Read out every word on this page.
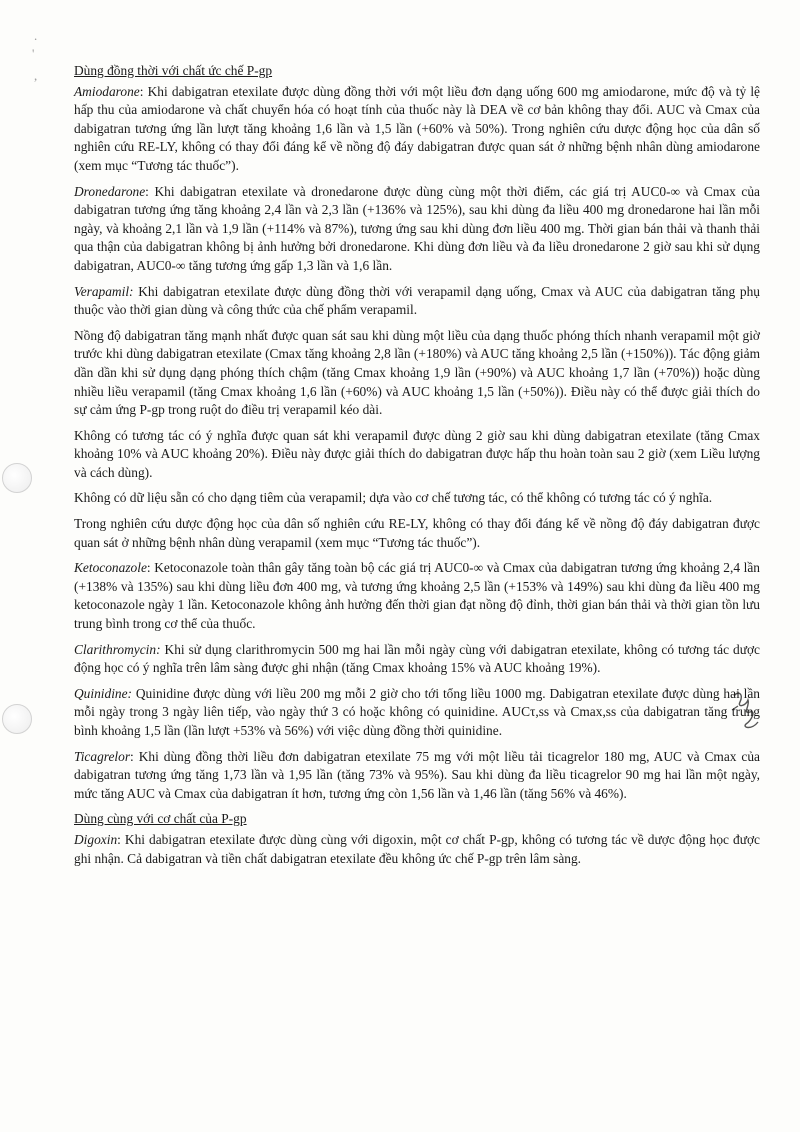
.
'
,	Dùng đồng thời với chất ức chế P-gp

Amiodarone: Khi dabigatran etexilate được dùng đồng thời với một liều đơn dạng uống 600 mg amiodarone, mức độ và tỷ lệ hấp thu của amiodarone và chất chuyển hóa có hoạt tính của thuốc này là DEA về cơ bản không thay đổi. AUC và Cmax của dabigatran tương ứng lần lượt tăng khoảng 1,6 lần và 1,5 lần (+60% và 50%). Trong nghiên cứu dược động học của dân số nghiên cứu RE-LY, không có thay đổi đáng kể về nồng độ đáy dabigatran được quan sát ở những bệnh nhân dùng amiodarone (xem mục “Tương tác thuốc”).

Dronedarone: Khi dabigatran etexilate và dronedarone được dùng cùng một thời điểm, các giá trị AUC0-∞ và Cmax của dabigatran tương ứng tăng khoảng 2,4 lần và 2,3 lần (+136% và 125%), sau khi dùng đa liều 400 mg dronedarone hai lần mỗi ngày, và khoảng 2,1 lần và 1,9 lần (+114% và 87%), tương ứng sau khi dùng đơn liều 400 mg. Thời gian bán thải và thanh thải qua thận của dabigatran không bị ảnh hưởng bởi dronedarone. Khi dùng đơn liều và đa liều dronedarone 2 giờ sau khi sử dụng dabigatran, AUC0-∞ tăng tương ứng gấp 1,3 lần và 1,6 lần.

Verapamil: Khi dabigatran etexilate được dùng đồng thời với verapamil dạng uống, Cmax và AUC của dabigatran tăng phụ thuộc vào thời gian dùng và công thức của chế phẩm verapamil.

Nồng độ dabigatran tăng mạnh nhất được quan sát sau khi dùng một liều của dạng thuốc phóng thích nhanh verapamil một giờ trước khi dùng dabigatran etexilate (Cmax tăng khoảng 2,8 lần (+180%) và AUC tăng khoảng 2,5 lần (+150%)). Tác động giảm dần dần khi sử dụng dạng phóng thích chậm (tăng Cmax khoảng 1,9 lần (+90%) và AUC khoảng 1,7 lần (+70%)) hoặc dùng nhiều liều verapamil (tăng Cmax khoảng 1,6 lần (+60%) và AUC khoảng 1,5 lần (+50%)). Điều này có thể được giải thích do sự cảm ứng P-gp trong ruột do điều trị verapamil kéo dài.

Không có tương tác có ý nghĩa được quan sát khi verapamil được dùng 2 giờ sau khi dùng dabigatran etexilate (tăng Cmax khoảng 10% và AUC khoảng 20%). Điều này được giải thích do dabigatran được hấp thu hoàn toàn sau 2 giờ (xem Liều lượng và cách dùng).

Không có dữ liệu sẵn có cho dạng tiêm của verapamil; dựa vào cơ chế tương tác, có thể không có tương tác có ý nghĩa.

Trong nghiên cứu dược động học của dân số nghiên cứu RE-LY, không có thay đổi đáng kể về nồng độ đáy dabigatran được quan sát ở những bệnh nhân dùng verapamil (xem mục “Tương tác thuốc”).

Ketoconazole: Ketoconazole toàn thân gây tăng toàn bộ các giá trị AUC0-∞ và Cmax của dabigatran tương ứng khoảng 2,4 lần (+138% và 135%) sau khi dùng liều đơn 400 mg, và tương ứng khoảng 2,5 lần (+153% và 149%) sau khi dùng đa liều 400 mg ketoconazole ngày 1 lần. Ketoconazole không ảnh hưởng đến thời gian đạt nồng độ đỉnh, thời gian bán thải và thời gian tồn lưu trung bình trong cơ thể của thuốc.

Clarithromycin: Khi sử dụng clarithromycin 500 mg hai lần mỗi ngày cùng với dabigatran etexilate, không có tương tác dược động học có ý nghĩa trên lâm sàng được ghi nhận (tăng Cmax khoảng 15% và AUC khoảng 19%).

Quinidine: Quinidine được dùng với liều 200 mg mỗi 2 giờ cho tới tổng liều 1000 mg. Dabigatran etexilate được dùng hai lần mỗi ngày trong 3 ngày liên tiếp, vào ngày thứ 3 có hoặc không có quinidine. AUCτ,ss và Cmax,ss của dabigatran tăng trung bình khoảng 1,5 lần (lần lượt +53% và 56%) với việc dùng đồng thời quinidine.

Ticagrelor: Khi dùng đồng thời liều đơn dabigatran etexilate 75 mg với một liều tải ticagrelor 180 mg, AUC và Cmax của dabigatran tương ứng tăng 1,73 lần và 1,95 lần (tăng 73% và 95%). Sau khi dùng đa liều ticagrelor 90 mg hai lần một ngày, mức tăng AUC và Cmax của dabigatran ít hơn, tương ứng còn 1,56 lần và 1,46 lần (tăng 56% và 46%).

Dùng cùng với cơ chất của P-gp

Digoxin: Khi dabigatran etexilate được dùng cùng với digoxin, một cơ chất P-gp, không có tương tác về dược động học được ghi nhận. Cả dabigatran và tiền chất dabigatran etexilate đều không ức chế P-gp trên lâm sàng.
